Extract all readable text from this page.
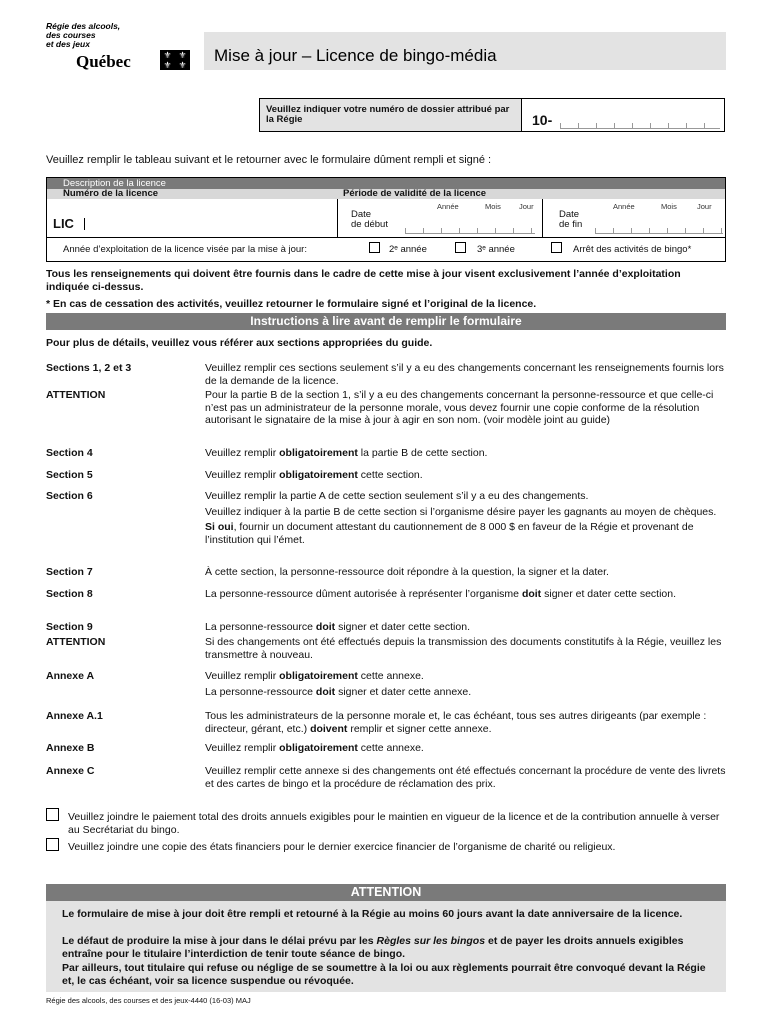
Régie des alcools,
des courses
et des jeux
Québec	⚜ ⚜
⚜ ⚜ Mise à jour – Licence de bingo-média
Veuillez indiquer votre numéro de dossier attribué par la Régie	10-
Veuillez remplir le tableau suivant et le retourner avec le formulaire dûment rempli et signé :
Description de la licence
Numéro de la licence	Période de validité de la licence
LIC
Date
de début
Année	Mois Jour
Date
de fin
Année	Mois	Jour
Année d’exploitation de la licence visée par la mise à jour:	2ᵉ année	3ᵉ année	Arrêt des activités de bingo*
Tous les renseignements qui doivent être fournis dans le cadre de cette mise à jour visent exclusivement l’année d’exploitation indiquée ci-dessus.
* En cas de cessation des activités, veuillez retourner le formulaire signé et l’original de la licence.
Instructions à lire avant de remplir le formulaire
Pour plus de détails, veuillez vous référer aux sections appropriées du guide.
Sections 1, 2 et 3	Veuillez remplir ces sections seulement s’il y a eu des changements concernant les renseignements fournis lors de la demande de la licence.
ATTENTION	Pour la partie B de la section 1, s’il y a eu des changements concernant la personne-ressource et que celle-ci n’est pas un administrateur de la personne morale, vous devez fournir une copie conforme de la résolution autorisant le signataire de la mise à jour à agir en son nom. (voir modèle joint au guide)
Section 4	Veuillez remplir obligatoirement la partie B de cette section.
Section 5	Veuillez remplir obligatoirement cette section.
Section 6	Veuillez remplir la partie A de cette section seulement s’il y a eu des changements.
Veuillez indiquer à la partie B de cette section si l’organisme désire payer les gagnants au moyen de chèques.
Si oui, fournir un document attestant du cautionnement de 8 000 $ en faveur de la Régie et provenant de l’institution qui l’émet.
Section 7	À cette section, la personne-ressource doit répondre à la question, la signer et la dater.
Section 8	La personne-ressource dûment autorisée à représenter l’organisme doit signer et dater cette section.
Section 9	La personne-ressource doit signer et dater cette section.
ATTENTION	Si des changements ont été effectués depuis la transmission des documents constitutifs à la Régie, veuillez les transmettre à nouveau.
Annexe A	Veuillez remplir obligatoirement cette annexe.
La personne-ressource doit signer et dater cette annexe.
Annexe A.1	Tous les administrateurs de la personne morale et, le cas échéant, tous ses autres dirigeants (par exemple : directeur, gérant, etc.) doivent remplir et signer cette annexe.
Annexe B	Veuillez remplir obligatoirement cette annexe.
Annexe C	Veuillez remplir cette annexe si des changements ont été effectués concernant la procédure de vente des livrets et des cartes de bingo et la procédure de réclamation des prix.
Veuillez joindre le paiement total des droits annuels exigibles pour le maintien en vigueur de la licence et de la contribution annuelle à verser au Secrétariat du bingo.
Veuillez joindre une copie des états financiers pour le dernier exercice financier de l’organisme de charité ou religieux.
ATTENTION
Le formulaire de mise à jour doit être rempli et retourné à la Régie au moins 60 jours avant la date anniversaire de la licence.
Le défaut de produire la mise à jour dans le délai prévu par les Règles sur les bingos et de payer les droits annuels exigibles entraîne pour le titulaire l’interdiction de tenir toute séance de bingo.
Par ailleurs, tout titulaire qui refuse ou néglige de se soumettre à la loi ou aux règlements pourrait être convoqué devant la Régie et, le cas échéant, voir sa licence suspendue ou révoquée.
Régie des alcools, des courses et des jeux-4440 (16-03) MAJ
